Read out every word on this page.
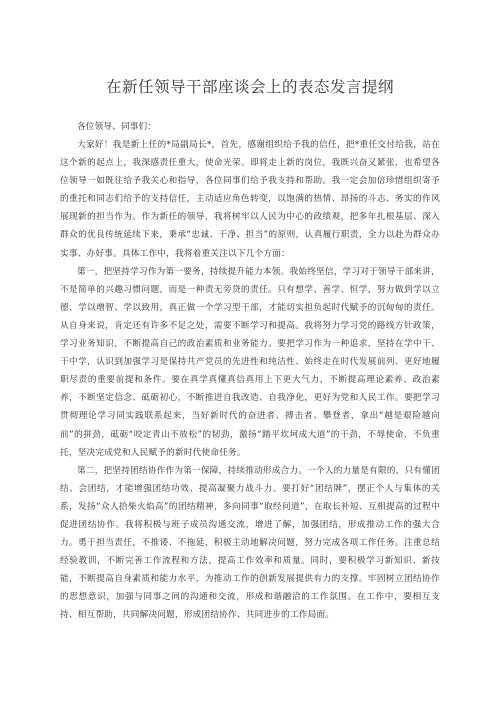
在新任领导干部座谈会上的表态发言提纲

各位领导、同事们：

大家好！我是新上任的*局副局长*，首先，感谢组织给予我的信任，把*重任交付给我，站在这个新的起点上，我深感责任重大，使命光荣。即将走上新的岗位，我既兴奋又紧张，也希望各位领导一如既往给予我关心和指导，各位同事们给予我支持和帮助。我一定会加倍珍惜组织寄予的重托和同志们给予的支持信任，主动适应角色转变，以饱满的热情、昂扬的斗志、务实的作风展现新的担当作为。作为新任的领导，我将树牢以人民为中心的政绩观，把多年扎根基层、深入群众的优良传统延续下来，秉承“忠诚、干净、担当”的原则，认真履行职责，全力以赴为群众办实事、办好事。具体工作中，我将着重关注以下几个方面：

第一，把坚持学习作为第一要务，持续提升能力本领。我始终坚信，学习对于领导干部来讲，不是简单的兴趣习惯问题，而是一种责无旁贷的责任。只有想学、善学、恒学，努力做到学以立德、学以增智、学以致用，真正做一个学习型干部，才能切实担负起时代赋予的沉甸甸的责任。从自身来说，肯定还有许多不足之处，需要不断学习和提高。我将努力学习党的路线方针政策，学习业务知识，不断提高自己的政治素质和业务能力。要把学习作为一种追求，坚持在学中干、干中学，认识到加强学习是保持共产党员的先进性和纯洁性、始终走在时代发展前列、更好地履职尽责的重要前提和条件。要在真学真懂真信真用上下更大气力，不断提高理论素养、政治素养，不断坚定信念、砥砺初心，不断推进自我改造、自我净化，更好为党和人民工作。要把学习贯彻理论学习同实践联系起来，当好新时代的奋进者、搏击者、攀登者，拿出“越是艰险越向前”的拼劲，砥砺“咬定青山不放松”的韧劲，激扬“踏平坎坷成大道”的干劲，不辱使命、不负重托，坚决完成党和人民赋予的新时代使命任务。

第二，把坚持团结协作作为第一保障，持续推动形成合力。一个人的力量是有限的，只有懂团结、会团结，才能增强团结功效、提高凝聚力战斗力。要打好“团结牌”，摆正个人与集体的关系，发扬“众人拾柴火焰高”的团结精神，多向同事“取经问道”，在取长补短、互相提高的过程中促进团结协作。我将积极与班子成员沟通交流，增进了解，加强团结，形成推动工作的强大合力。勇于担当责任，不推诿、不拖延，积极主动地解决问题，努力完成各项工作任务。注重总结经验教训，不断完善工作流程和方法，提高工作效率和质量。同时，要积极学习新知识、新技能，不断提高自身素质和能力水平，为推动工作的创新发展提供有力的支撑。牢固树立团结协作的思想意识，加强与同事之间的沟通和交流，形成和谐融洽的工作氛围。在工作中，要相互支持、相互帮助，共同解决问题，形成团结协作、共同进步的工作局面。
